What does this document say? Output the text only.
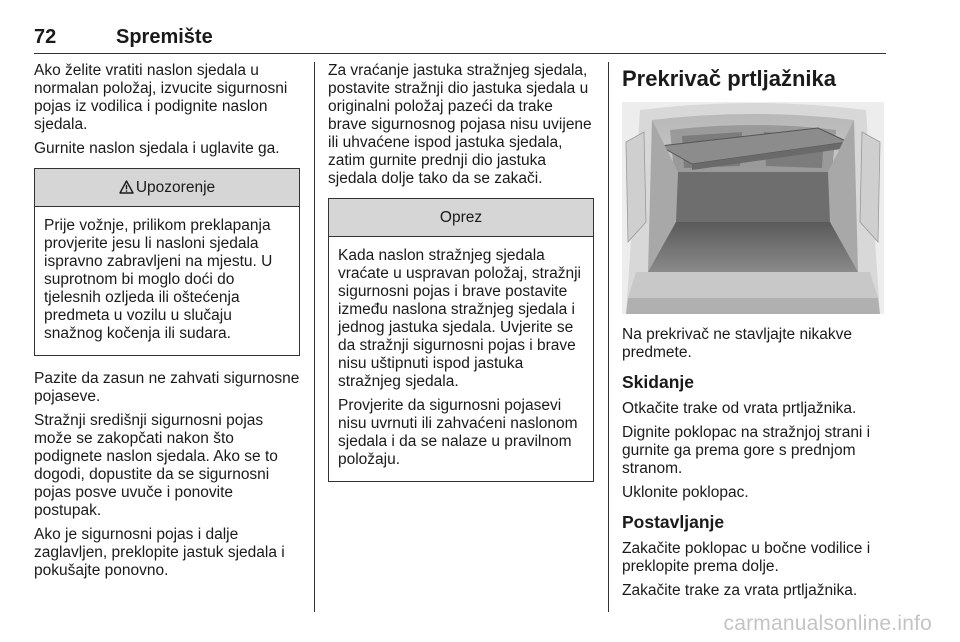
72	Spremište

Ako želite vratiti naslon sjedala u normalan položaj, izvucite sigurnosni pojas iz vodilica i podignite naslon sjedala.

Gurnite naslon sjedala i uglavite ga.

Upozorenje

Prije vožnje, prilikom preklapanja provjerite jesu li nasloni sjedala ispravno zabravljeni na mjestu. U suprotnom bi moglo doći do tjelesnih ozljeda ili oštećenja predmeta u vozilu u slučaju snažnog kočenja ili sudara.

Pazite da zasun ne zahvati sigurnosne pojaseve.

Stražnji središnji sigurnosni pojas može se zakopčati nakon što podignete naslon sjedala. Ako se to dogodi, dopustite da se sigurnosni pojas posve uvuče i ponovite postupak.

Ako je sigurnosni pojas i dalje zaglavljen, preklopite jastuk sjedala i pokušajte ponovno.

Za vraćanje jastuka stražnjeg sjedala, postavite stražnji dio jastuka sjedala u originalni položaj pazeći da trake brave sigurnosnog pojasa nisu uvijene ili uhvaćene ispod jastuka sjedala, zatim gurnite prednji dio jastuka sjedala dolje tako da se zakači.

Oprez

Kada naslon stražnjeg sjedala vraćate u uspravan položaj, stražnji sigurnosni pojas i brave postavite između naslona stražnjeg sjedala i jednog jastuka sjedala. Uvjerite se da stražnji sigurnosni pojas i brave nisu uštipnuti ispod jastuka stražnjeg sjedala.

Provjerite da sigurnosni pojasevi nisu uvrnuti ili zahvaćeni naslonom sjedala i da se nalaze u pravilnom položaju.

Prekrivač prtljažnika

Na prekrivač ne stavljajte nikakve predmete.

Skidanje

Otkačite trake od vrata prtljažnika.

Dignite poklopac na stražnjoj strani i gurnite ga prema gore s prednjom stranom.

Uklonite poklopac.

Postavljanje

Zakačite poklopac u bočne vodilice i preklopite prema dolje.

Zakačite trake za vrata prtljažnika.

carmanualsonline.info
